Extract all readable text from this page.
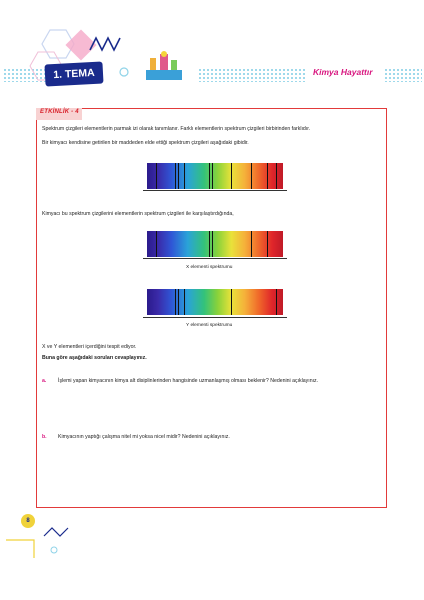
1. TEMA	Kimya Hayattır
ETKİNLİK - 4
Spektrum çizgileri elementlerin parmak izi olarak tanımlanır. Farklı elementlerin spektrum çizgileri birbirinden farklıdır.
Bir kimyacı kendisine getirilen bir maddeden elde ettiği spektrum çizgileri aşağıdaki gibidir.
Kimyacı bu spektrum çizgilerini elementlerin spektrum çizgileri ile karşılaştırdığında,
X elementi spektrumu
Y elementi spektrumu
X ve Y elementleri içerdiğini tespit ediyor.
Buna göre aşağıdaki soruları cevaplayınız.
a. İşlemi yapan kimyacının kimya alt disiplinlerinden hangisinde uzmanlaşmış olması beklenir? Nedenini açıklayınız.
b. Kimyacının yaptığı çalışma nitel mi yoksa nicel midir? Nedenini açıklayınız.
8
